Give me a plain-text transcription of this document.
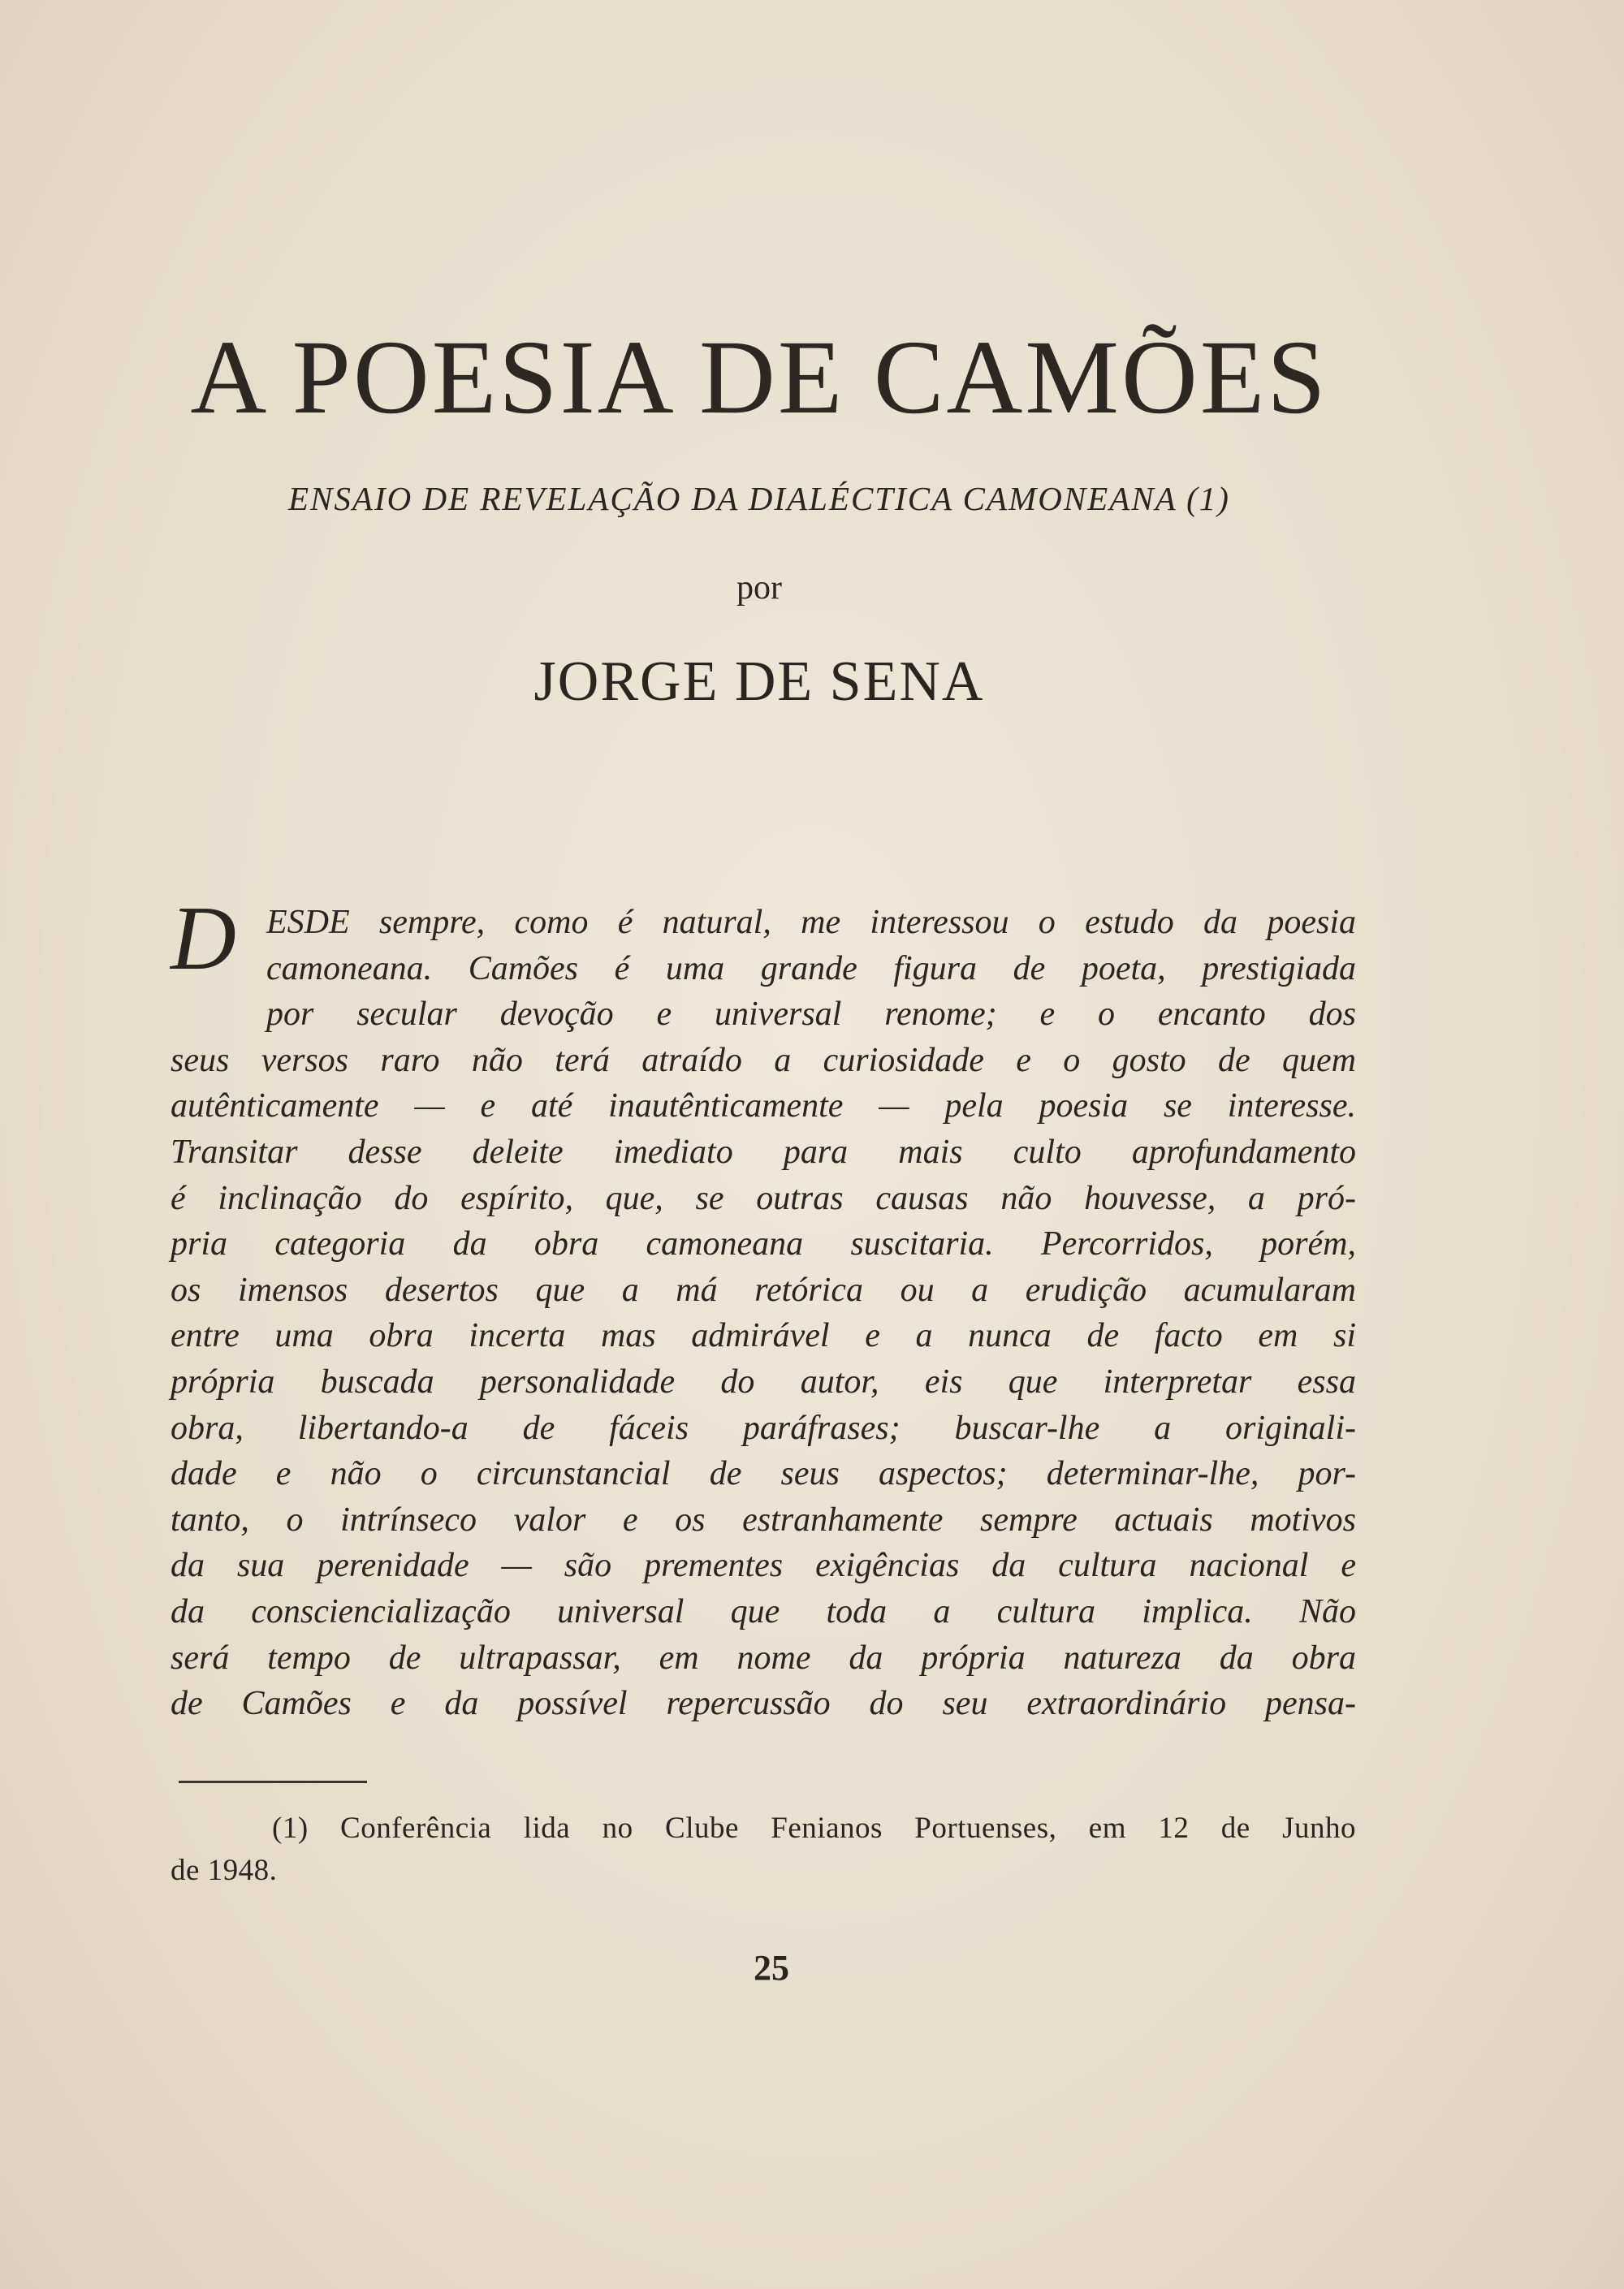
A POESIA DE CAMÕES
ENSAIO DE REVELAÇÃO DA DIALÉCTICA CAMONEANA (1)
por
JORGE DE SENA
D ESDE sempre, como é natural, me interessou o estudo da poesia
camoneana. Camões é uma grande figura de poeta, prestigiada
por secular devoção e universal renome; e o encanto dos
seus versos raro não terá atraído a curiosidade e o gosto de quem
autênticamente — e até inautênticamente — pela poesia se interesse.
Transitar desse deleite imediato para mais culto aprofundamento
é inclinação do espírito, que, se outras causas não houvesse, a pró-
pria categoria da obra camoneana suscitaria. Percorridos, porém,
os imensos desertos que a má retórica ou a erudição acumularam
entre uma obra incerta mas admirável e a nunca de facto em si
própria buscada personalidade do autor, eis que interpretar essa
obra, libertando-a de fáceis paráfrases; buscar-lhe a originali-
dade e não o circunstancial de seus aspectos; determinar-lhe, por-
tanto, o intrínseco valor e os estranhamente sempre actuais motivos
da sua perenidade — são prementes exigências da cultura nacional e
da consciencialização universal que toda a cultura implica. Não
será tempo de ultrapassar, em nome da própria natureza da obra
de Camões e da possível repercussão do seu extraordinário pensa-
(1) Conferência lida no Clube Fenianos Portuenses, em 12 de Junho
de 1948.
25
